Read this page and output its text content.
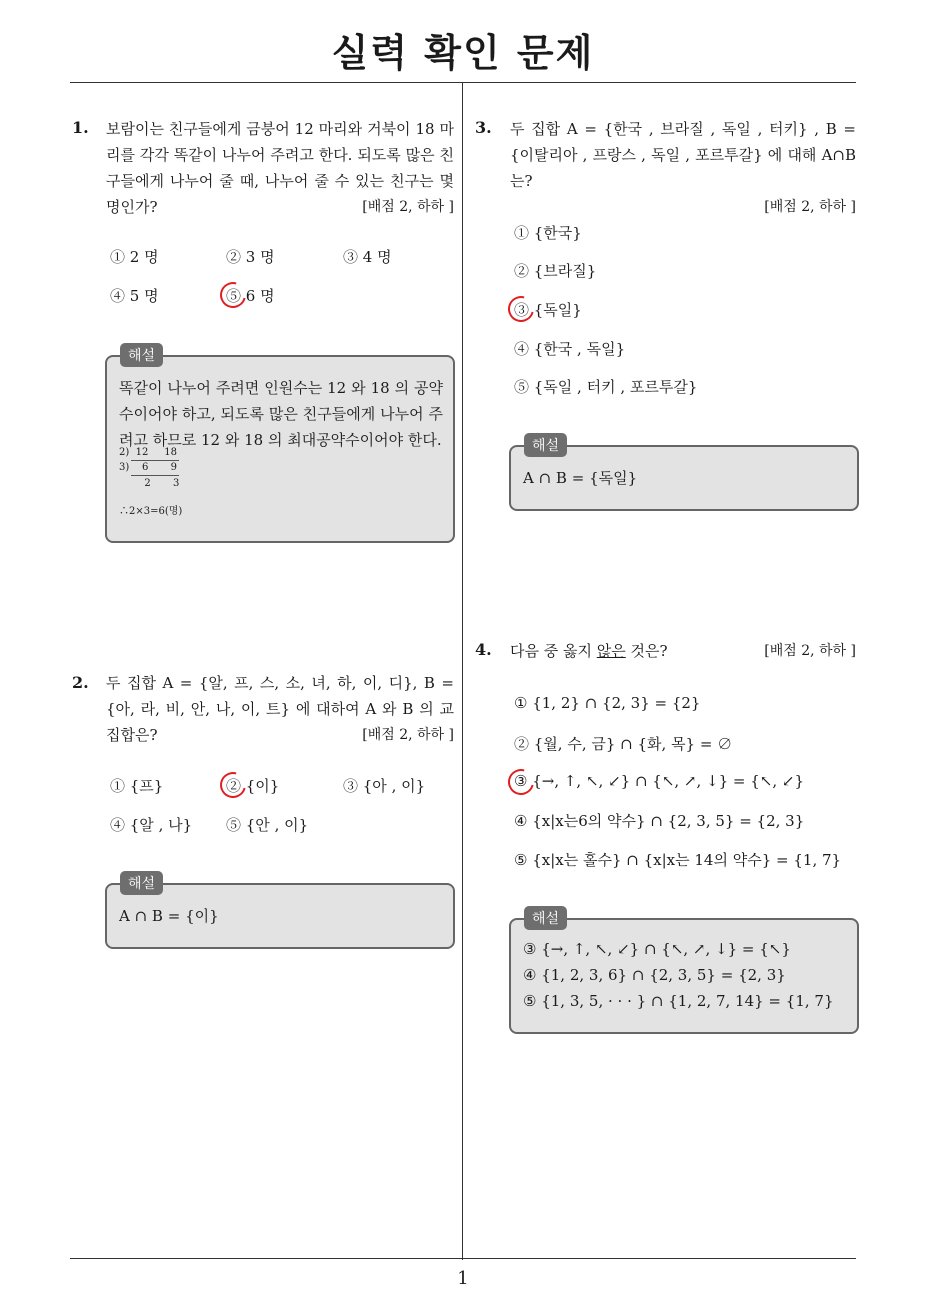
실력 확인 문제
1
1. 보람이는 친구들에게 금붕어 12 마리와 거북이 18 마리를 각각 똑같이 나누어 주려고 한다. 되도록 많은 친구들에게 나누어 줄 때, 나누어 줄 수 있는 친구는 몇 명인가?	[배점 2, 하하 ]
① 2 명	② 3 명	③ 4 명
④ 5 명	⑤ 6 명
똑같이 나누어 주려면 인원수는 12 와 18 의 공약수이어야 하고, 되도록 많은 친구들에게 나누어 주려고 하므로 12 와 18 의 최대공약수이어야 한다.
2)  12     18
3)    6       9
2       3
∴2×3=6(명)
해설
2. 두 집합 A = {알, 프, 스, 소, 녀, 하, 이, 디}, B = {아, 라, 비, 안, 나, 이, 트} 에 대하여 A 와 B 의 교집합은?	[배점 2, 하하 ]
① {프}	② {이}	③ {아 , 이}
④ {알 , 나} ⑤ {안 , 이}
A ∩ B = {이}
해설
3. 두 집합 A = {한국 , 브라질 , 독일 , 터키} , B = {이탈리아 , 프랑스 , 독일 , 포르투갈} 에 대해 A∩B 는?
[배점 2, 하하 ]
① {한국}
② {브라질}
③ {독일}
④ {한국 , 독일}
⑤ {독일 , 터키 , 포르투갈}
A ∩ B = {독일}
해설
4. 다음 중 옳지 않은 것은?	[배점 2, 하하 ]
① {1, 2} ∩ {2, 3} = {2}
② {월, 수, 금} ∩ {화, 목} = ∅
③ {→, ↑, ↖, ↙} ∩ {↖, ↗, ↓} = {↖, ↙}
④ {x|x는6의 약수} ∩ {2, 3, 5} = {2, 3}
⑤ {x|x는 홀수} ∩ {x|x는 14의 약수} = {1, 7}
③ {→, ↑, ↖, ↙} ∩ {↖, ↗, ↓} = {↖}
④ {1, 2, 3, 6} ∩ {2, 3, 5} = {2, 3}
⑤ {1, 3, 5, · · · } ∩ {1, 2, 7, 14} = {1, 7}
해설
